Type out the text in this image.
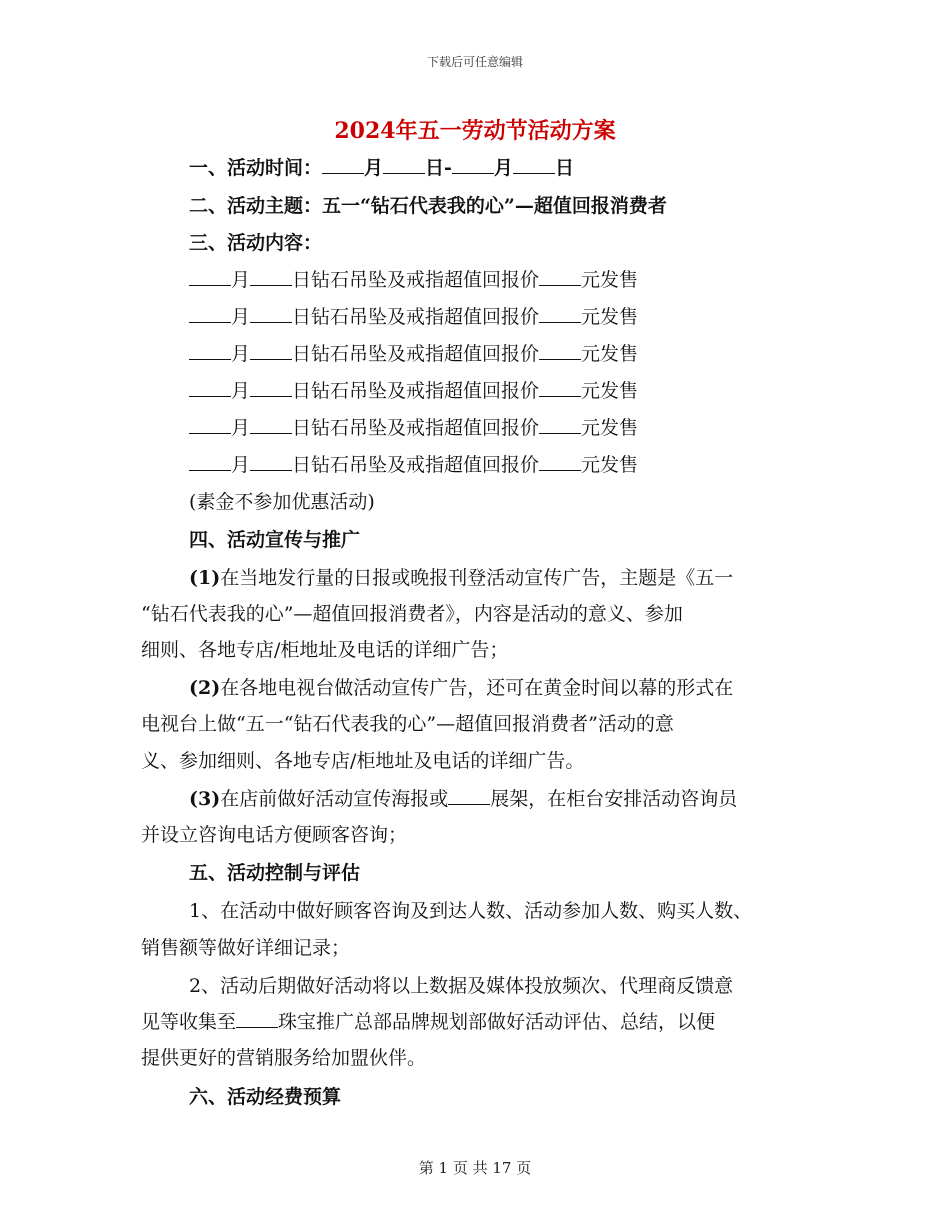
下载后可任意编辑
2024年五一劳动节活动方案
一、活动时间： 月 日- 月 日
二、活动主题：五一“钻石代表我的心”—超值回报消费者
三、活动内容：
月 日钻石吊坠及戒指超值回报价 元发售
月 日钻石吊坠及戒指超值回报价 元发售
月 日钻石吊坠及戒指超值回报价 元发售
月 日钻石吊坠及戒指超值回报价 元发售
月 日钻石吊坠及戒指超值回报价 元发售
月 日钻石吊坠及戒指超值回报价 元发售
(素金不参加优惠活动)
四、活动宣传与推广
(1)在当地发行量的日报或晚报刊登活动宣传广告，主题是《五一
“钻石代表我的心”—超值回报消费者》，内容是活动的意义、参加
细则、各地专店/柜地址及电话的详细广告；
(2)在各地电视台做活动宣传广告，还可在黄金时间以幕的形式在
电视台上做“五一“钻石代表我的心”—超值回报消费者”活动的意
义、参加细则、各地专店/柜地址及电话的详细广告。
(3)在店前做好活动宣传海报或 展架，在柜台安排活动咨询员
并设立咨询电话方便顾客咨询；
五、活动控制与评估
1、在活动中做好顾客咨询及到达人数、活动参加人数、购买人数、
销售额等做好详细记录；
2、活动后期做好活动将以上数据及媒体投放频次、代理商反馈意
见等收集至 珠宝推广总部品牌规划部做好活动评估、总结，以便
提供更好的营销服务给加盟伙伴。
六、活动经费预算
第 1 页 共 17 页
